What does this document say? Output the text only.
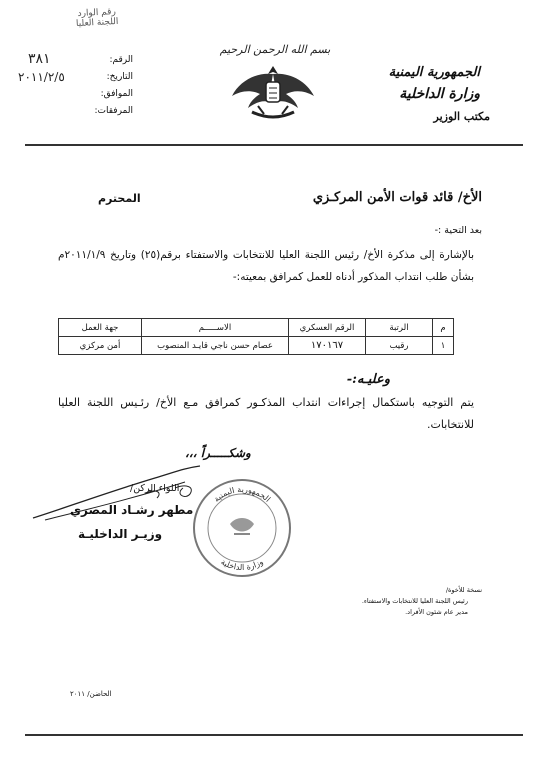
رقم الوارد
اللجنة العليا
الرقم:
٣٨١
التاريخ:
٢٠١١/٢/٥
الموافق:
المرفقات:
بسم الله الرحمن الرحيم
الجمهورية اليمنية
وزارة الداخلية
مكتب الوزير
الأخ/ قائد قوات الأمن المركـزي
المحترم
بعد التحية :-
بالإشارة إلى مذكرة الأخ/ رئيس اللجنة العليا للانتخابات والاستفتاء برقم(٢٥) وتاريخ ٢٠١١/١/٩م بشأن طلب انتداب المذكور أدناه للعمل كمرافق بمعيته:-
م	الرتبة	الرقم العسكري	الاســـــم	جهة العمل
١	رقيب	١٧٠١٦٧	عصام حسن ناجي قايـد المنصوب	أمن مركزي
وعليـه:-
يتم التوجيه باستكمال إجراءات انتداب المذكـور كمرافق مـع الأخ/ رئـيس اللجنة العليا للانتخابات.
وشكـــــراً ،،،
اللواء الركن/
مطهر رشـاد المصري
وزيـر الداخليـة
الجمهورية اليمنية
وزارة الداخلية
نسخة للأخوة/
رئيس اللجنة العليا للانتخابات والاستفتاء.
مدير عام شئون الأفراد.
الحاضن/ ٢٠١١
